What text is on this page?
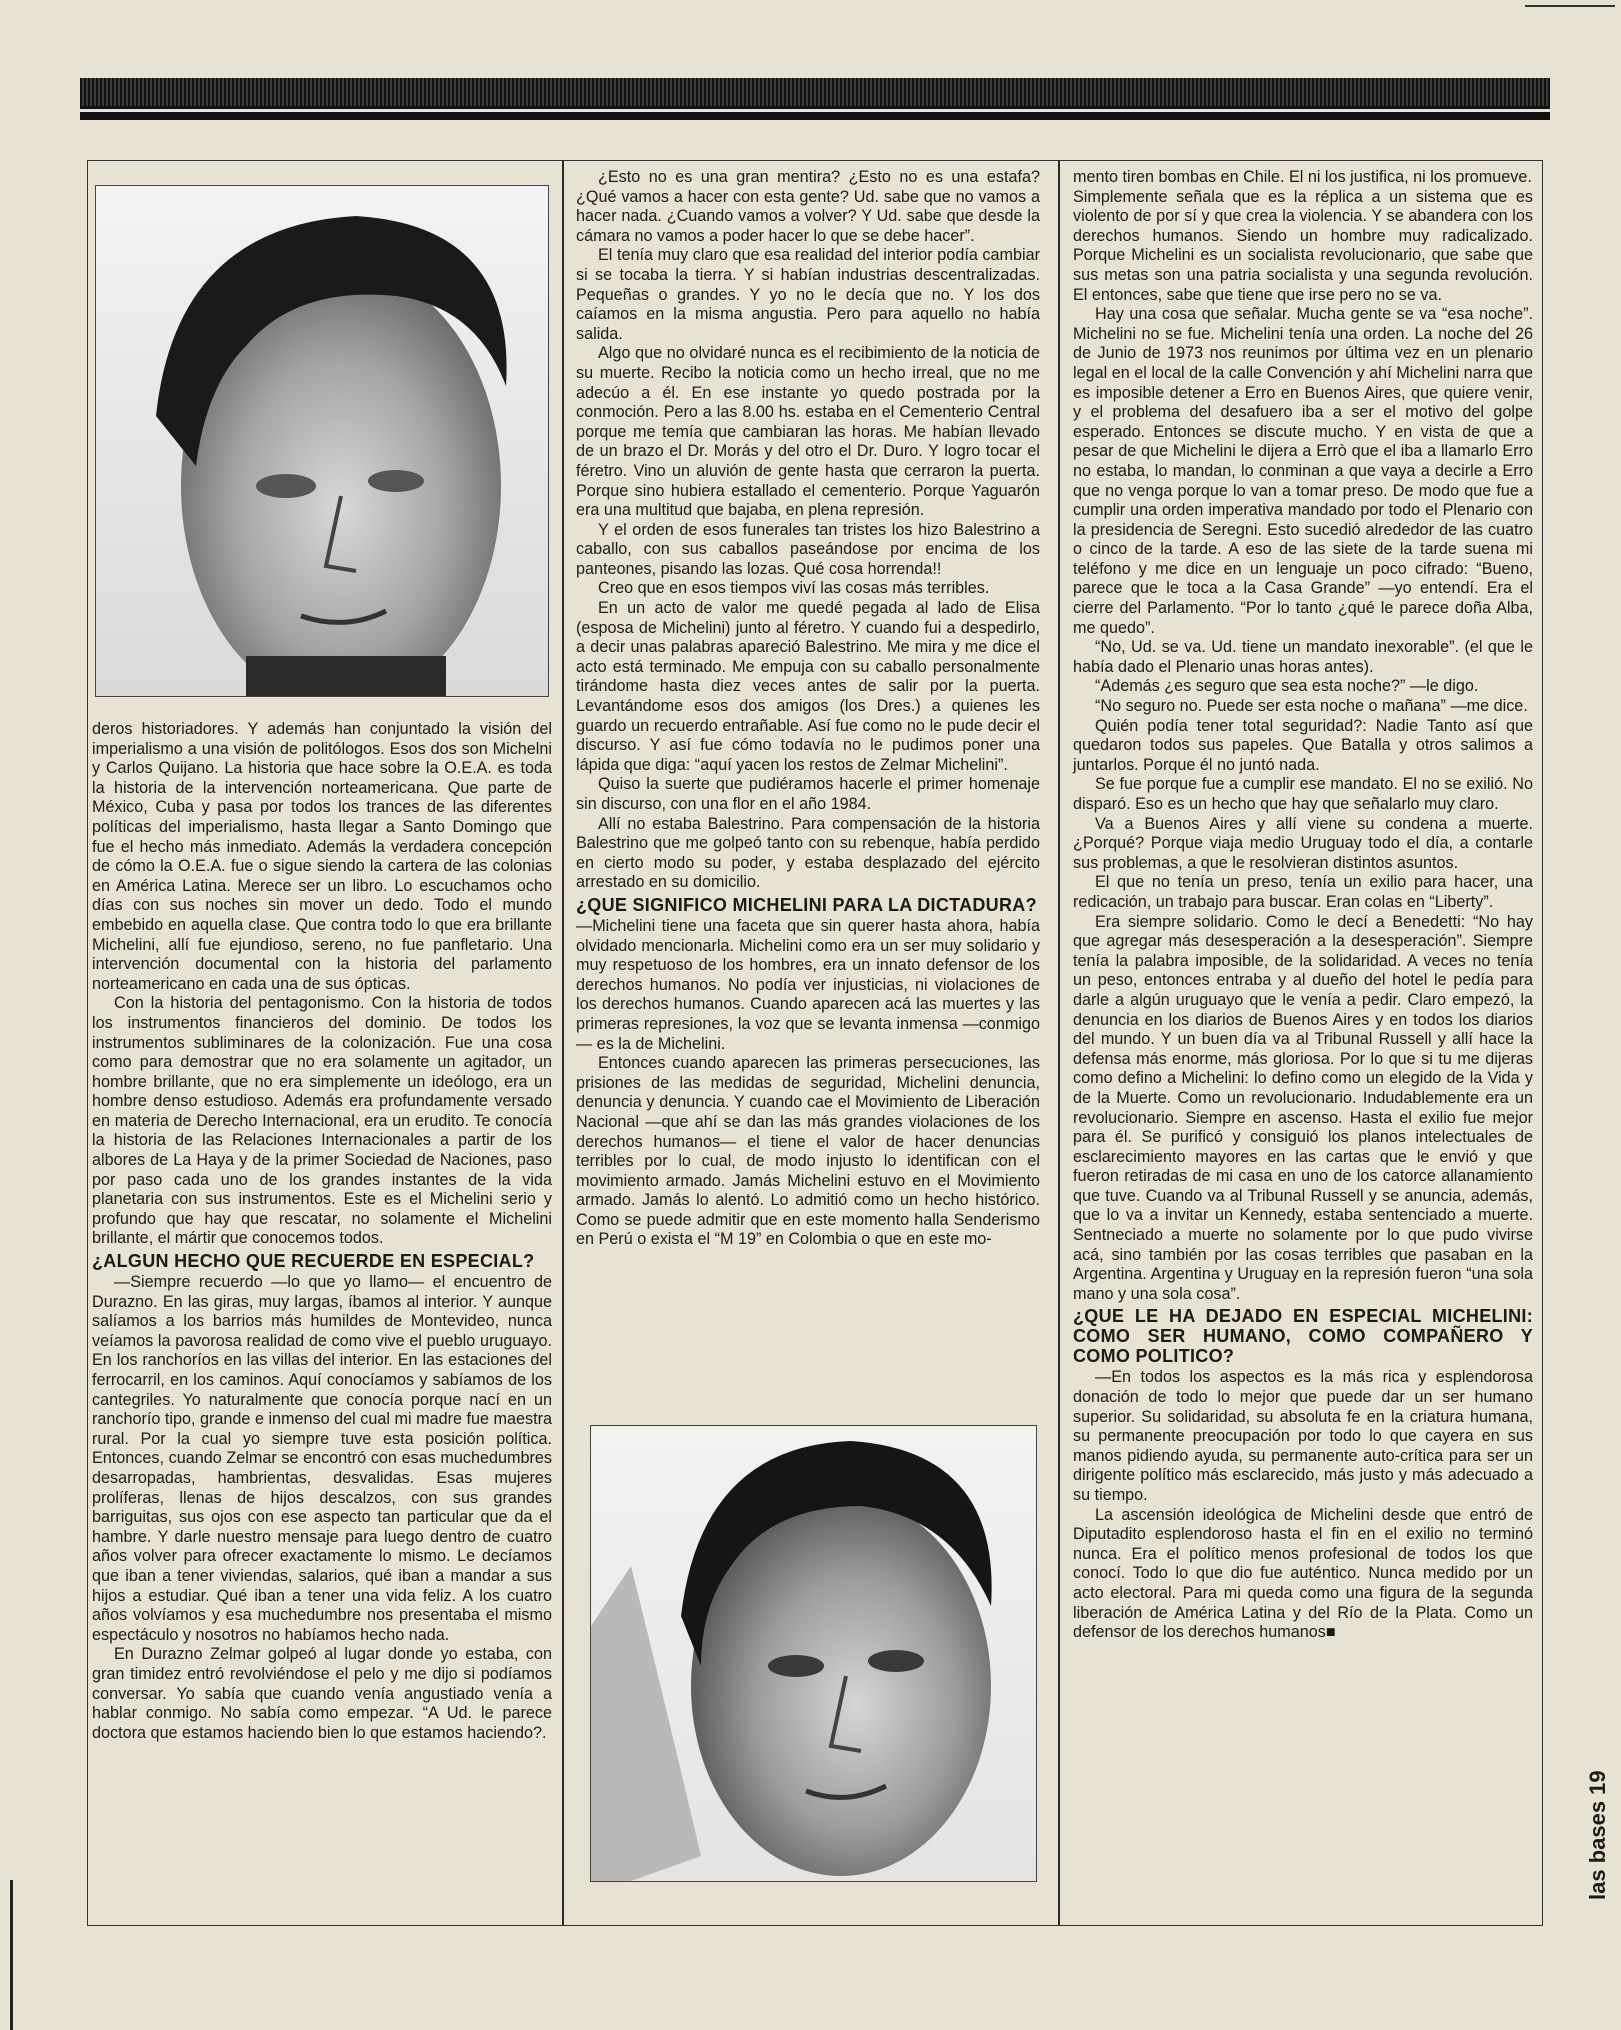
deros historiadores. Y además han conjuntado la visión del imperialismo a una visión de politólogos. Esos dos son Michelni y Carlos Quijano. La historia que hace sobre la O.E.A. es toda la historia de la intervención norteamericana. Que parte de México, Cuba y pasa por todos los trances de las diferentes políticas del imperialismo, hasta llegar a Santo Domingo que fue el hecho más inmediato. Además la verdadera concepción de cómo la O.E.A. fue o sigue siendo la cartera de las colonias en América Latina. Merece ser un libro. Lo escuchamos ocho días con sus noches sin mover un dedo. Todo el mundo embebido en aquella clase. Que contra todo lo que era brillante Michelini, allí fue ejundioso, sereno, no fue panfletario. Una intervención documental con la historia del parlamento norteamericano en cada una de sus ópticas.

Con la historia del pentagonismo. Con la historia de todos los instrumentos financieros del dominio. De todos los instrumentos subliminares de la colonización. Fue una cosa como para demostrar que no era solamente un agitador, un hombre brillante, que no era simplemente un ideólogo, era un hombre denso estudioso. Además era profundamente versado en materia de Derecho Internacional, era un erudito. Te conocía la historia de las Relaciones Internacionales a partir de los albores de La Haya y de la primer Sociedad de Naciones, paso por paso cada uno de los grandes instantes de la vida planetaria con sus instrumentos. Este es el Michelini serio y profundo que hay que rescatar, no solamente el Michelini brillante, el mártir que conocemos todos.

¿ALGUN HECHO QUE RECUERDE EN ESPECIAL?

—Siempre recuerdo —lo que yo llamo— el encuentro de Durazno. En las giras, muy largas, íbamos al interior. Y aunque salíamos a los barrios más humildes de Montevideo, nunca veíamos la pavorosa realidad de como vive el pueblo uruguayo. En los ranchoríos en las villas del interior. En las estaciones del ferrocarril, en los caminos. Aquí conocíamos y sabíamos de los cantegriles. Yo naturalmente que conocía porque nací en un ranchorío tipo, grande e inmenso del cual mi madre fue maestra rural. Por la cual yo siempre tuve esta posición política. Entonces, cuando Zelmar se encontró con esas muchedumbres desarropadas, hambrientas, desvalidas. Esas mujeres prolíferas, llenas de hijos descalzos, con sus grandes barriguitas, sus ojos con ese aspecto tan particular que da el hambre. Y darle nuestro mensaje para luego dentro de cuatro años volver para ofrecer exactamente lo mismo. Le decíamos que iban a tener viviendas, salarios, qué iban a mandar a sus hijos a estudiar. Qué iban a tener una vida feliz. A los cuatro años volvíamos y esa muchedumbre nos presentaba el mismo espectáculo y nosotros no habíamos hecho nada.

En Durazno Zelmar golpeó al lugar donde yo estaba, con gran timidez entró revolviéndose el pelo y me dijo si podíamos conversar. Yo sabía que cuando venía angustiado venía a hablar conmigo. No sabía como empezar. “A Ud. le parece doctora que estamos haciendo bien lo que estamos haciendo?.

¿Esto no es una gran mentira? ¿Esto no es una estafa? ¿Qué vamos a hacer con esta gente? Ud. sabe que no vamos a hacer nada. ¿Cuando vamos a volver? Y Ud. sabe que desde la cámara no vamos a poder hacer lo que se debe hacer”.

El tenía muy claro que esa realidad del interior podía cambiar si se tocaba la tierra. Y si habían industrias descentralizadas. Pequeñas o grandes. Y yo no le decía que no. Y los dos caíamos en la misma angustia. Pero para aquello no había salida.

Algo que no olvidaré nunca es el recibimiento de la noticia de su muerte. Recibo la noticia como un hecho irreal, que no me adecúo a él. En ese instante yo quedo postrada por la conmoción. Pero a las 8.00 hs. estaba en el Cementerio Central porque me temía que cambiaran las horas. Me habían llevado de un brazo el Dr. Morás y del otro el Dr. Duro. Y logro tocar el féretro. Vino un aluvión de gente hasta que cerraron la puerta. Porque sino hubiera estallado el cementerio. Porque Yaguarón era una multitud que bajaba, en plena represión.

Y el orden de esos funerales tan tristes los hizo Balestrino a caballo, con sus caballos paseándose por encima de los panteones, pisando las lozas. Qué cosa horrenda!!

Creo que en esos tiempos viví las cosas más terribles.

En un acto de valor me quedé pegada al lado de Elisa (esposa de Michelini) junto al féretro. Y cuando fui a despedirlo, a decir unas palabras apareció Balestrino. Me mira y me dice el acto está terminado. Me empuja con su caballo personalmente tirándome hasta diez veces antes de salir por la puerta. Levantándome esos dos amigos (los Dres.) a quienes les guardo un recuerdo entrañable. Así fue como no le pude decir el discurso. Y así fue cómo todavía no le pudimos poner una lápida que diga: “aquí yacen los restos de Zelmar Michelini”.

Quiso la suerte que pudiéramos hacerle el primer homenaje sin discurso, con una flor en el año 1984.

Allí no estaba Balestrino. Para compensación de la historia Balestrino que me golpeó tanto con su rebenque, había perdido en cierto modo su poder, y estaba desplazado del ejército arrestado en su domicilio.

¿QUE SIGNIFICO MICHELINI PARA LA DICTADURA?

—Michelini tiene una faceta que sin querer hasta ahora, había olvidado mencionarla. Michelini como era un ser muy solidario y muy respetuoso de los hombres, era un innato defensor de los derechos humanos. No podía ver injusticias, ni violaciones de los derechos humanos. Cuando aparecen acá las muertes y las primeras represiones, la voz que se levanta inmensa —conmigo— es la de Michelini.

Entonces cuando aparecen las primeras persecuciones, las prisiones de las medidas de seguridad, Michelini denuncia, denuncia y denuncia. Y cuando cae el Movimiento de Liberación Nacional —que ahí se dan las más grandes violaciones de los derechos humanos— el tiene el valor de hacer denuncias terribles por lo cual, de modo injusto lo identifican con el movimiento armado. Jamás Michelini estuvo en el Movimiento armado. Jamás lo alentó. Lo admitió como un hecho histórico. Como se puede admitir que en este momento halla Senderismo en Perú o exista el “M 19” en Colombia o que en este mo-

mento tiren bombas en Chile. El ni los justifica, ni los promueve.

Simplemente señala que es la réplica a un sistema que es violento de por sí y que crea la violencia. Y se abandera con los derechos humanos. Siendo un hombre muy radicalizado. Porque Michelini es un socialista revolucionario, que sabe que sus metas son una patria socialista y una segunda revolución. El entonces, sabe que tiene que irse pero no se va.

Hay una cosa que señalar. Mucha gente se va “esa noche”. Michelini no se fue. Michelini tenía una orden. La noche del 26 de Junio de 1973 nos reunimos por última vez en un plenario legal en el local de la calle Convención y ahí Michelini narra que es imposible detener a Erro en Buenos Aires, que quiere venir, y el problema del desafuero iba a ser el motivo del golpe esperado. Entonces se discute mucho. Y en vista de que a pesar de que Michelini le dijera a Errò que el iba a llamarlo Erro no estaba, lo mandan, lo conminan a que vaya a decirle a Erro que no venga porque lo van a tomar preso. De modo que fue a cumplir una orden imperativa mandado por todo el Plenario con la presidencia de Seregni. Esto sucedió alrededor de las cuatro o cinco de la tarde. A eso de las siete de la tarde suena mi teléfono y me dice en un lenguaje un poco cifrado: “Bueno, parece que le toca a la Casa Grande” —yo entendí. Era el cierre del Parlamento. “Por lo tanto ¿qué le parece doña Alba, me quedo”.

“No, Ud. se va. Ud. tiene un mandato inexorable”. (el que le había dado el Plenario unas horas antes).

“Además ¿es seguro que sea esta noche?” —le digo.

“No seguro no. Puede ser esta noche o mañana” —me dice.

Quién podía tener total seguridad?: Nadie Tanto así que quedaron todos sus papeles. Que Batalla y otros salimos a juntarlos. Porque él no juntó nada.

Se fue porque fue a cumplir ese mandato. El no se exilió. No disparó. Eso es un hecho que hay que señalarlo muy claro.

Va a Buenos Aires y allí viene su condena a muerte. ¿Porqué? Porque viaja medio Uruguay todo el día, a contarle sus problemas, a que le resolvieran distintos asuntos.

El que no tenía un preso, tenía un exilio para hacer, una redicación, un trabajo para buscar. Eran colas en “Liberty”.

Era siempre solidario. Como le decí a Benedetti: “No hay que agregar más desesperación a la desesperación”. Siempre tenía la palabra imposible, de la solidaridad. A veces no tenía un peso, entonces entraba y al dueño del hotel le pedía para darle a algún uruguayo que le venía a pedir. Claro empezó, la denuncia en los diarios de Buenos Aires y en todos los diarios del mundo. Y un buen día va al Tribunal Russell y allí hace la defensa más enorme, más gloriosa. Por lo que si tu me dijeras como defino a Michelini: lo defino como un elegido de la Vida y de la Muerte. Como un revolucionario. Indudablemente era un revolucionario. Siempre en ascenso. Hasta el exilio fue mejor para él. Se purificó y consiguió los planos intelectuales de esclarecimiento mayores en las cartas que le envió y que fueron retiradas de mi casa en uno de los catorce allanamiento que tuve. Cuando va al Tribunal Russell y se anuncia, además, que lo va a invitar un Kennedy, estaba sentenciado a muerte. Sentneciado a muerte no solamente por lo que pudo vivirse acá, sino también por las cosas terribles que pasaban en la Argentina. Argentina y Uruguay en la represión fueron “una sola mano y una sola cosa”.

¿QUE LE HA DEJADO EN ESPECIAL MICHELINI: COMO SER HUMANO, COMO COMPAÑERO Y COMO POLITICO?

—En todos los aspectos es la más rica y esplendorosa donación de todo lo mejor que puede dar un ser humano superior. Su solidaridad, su absoluta fe en la criatura humana, su permanente preocupación por todo lo que cayera en sus manos pidiendo ayuda, su permanente auto-crítica para ser un dirigente político más esclarecido, más justo y más adecuado a su tiempo.

La ascensión ideológica de Michelini desde que entró de Diputadito esplendoroso hasta el fin en el exilio no terminó nunca. Era el político menos profesional de todos los que conocí. Todo lo que dio fue auténtico. Nunca medido por un acto electoral. Para mi queda como una figura de la segunda liberación de América Latina y del Río de la Plata. Como un defensor de los derechos humanos■

las bases 19
